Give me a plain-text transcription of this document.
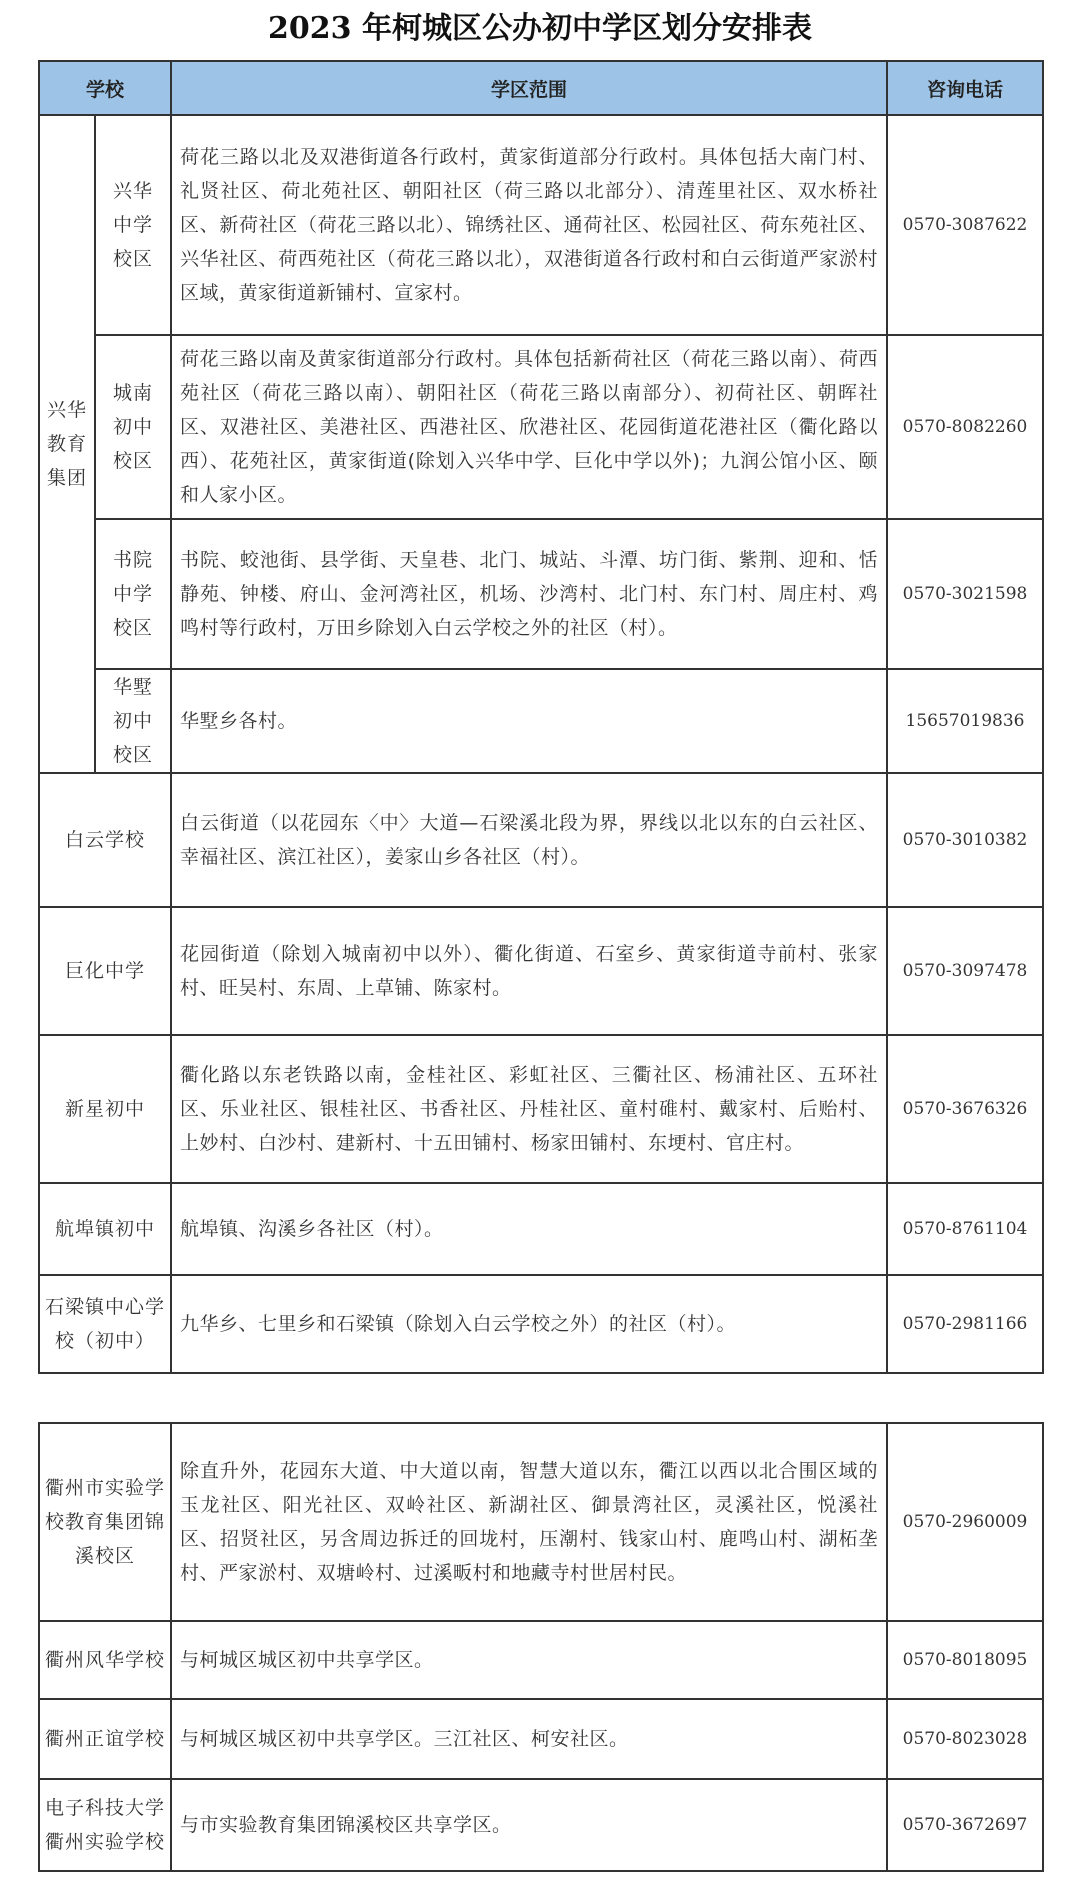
2023 年柯城区公办初中学区划分安排表
学校		学区范围	咨询电话
兴华教育集团	兴华中学校区	荷花三路以北及双港街道各行政村，黄家街道部分行政村。具体包括大南门村、礼贤社区、荷北苑社区、朝阳社区（荷三路以北部分）、清莲里社区、双水桥社区、新荷社区（荷花三路以北）、锦绣社区、通荷社区、松园社区、荷东苑社区、兴华社区、荷西苑社区（荷花三路以北），双港街道各行政村和白云街道严家淤村区域，黄家街道新铺村、宣家村。	0570-3087622
	城南初中校区	荷花三路以南及黄家街道部分行政村。具体包括新荷社区（荷花三路以南）、荷西苑社区（荷花三路以南）、朝阳社区（荷花三路以南部分）、初荷社区、朝晖社区、双港社区、美港社区、西港社区、欣港社区、花园街道花港社区（衢化路以西）、花苑社区，黄家街道(除划入兴华中学、巨化中学以外)；九润公馆小区、颐和人家小区。	0570-8082260
	书院中学校区	书院、蛟池街、县学街、天皇巷、北门、城站、斗潭、坊门街、紫荆、迎和、恬静苑、钟楼、府山、金河湾社区，机场、沙湾村、北门村、东门村、周庄村、鸡鸣村等行政村，万田乡除划入白云学校之外的社区（村）。	0570-3021598
	华墅初中校区	华墅乡各村。	15657019836
白云学校		白云街道（以花园东〈中〉大道—石梁溪北段为界，界线以北以东的白云社区、幸福社区、滨江社区），姜家山乡各社区（村）。	0570-3010382
巨化中学		花园街道（除划入城南初中以外）、衢化街道、石室乡、黄家街道寺前村、张家村、旺吴村、东周、上草铺、陈家村。	0570-3097478
新星初中		衢化路以东老铁路以南，金桂社区、彩虹社区、三衢社区、杨浦社区、五环社区、乐业社区、银桂社区、书香社区、丹桂社区、童村碓村、戴家村、后贻村、上妙村、白沙村、建新村、十五田铺村、杨家田铺村、东埂村、官庄村。	0570-3676326
航埠镇初中		航埠镇、沟溪乡各社区（村）。	0570-8761104
石梁镇中心学校（初中）		九华乡、七里乡和石梁镇（除划入白云学校之外）的社区（村）。	0570-2981166
衢州市实验学校教育集团锦溪校区	除直升外，花园东大道、中大道以南，智慧大道以东，衢江以西以北合围区域的玉龙社区、阳光社区、双岭社区、新湖社区、御景湾社区，灵溪社区，悦溪社区、招贤社区，另含周边拆迁的回垅村，压潮村、钱家山村、鹿鸣山村、湖柘垄村、严家淤村、双塘岭村、过溪畈村和地藏寺村世居村民。	0570-2960009
衢州风华学校	与柯城区城区初中共享学区。	0570-8018095
衢州正谊学校	与柯城区城区初中共享学区。三江社区、柯安社区。	0570-8023028
电子科技大学衢州实验学校	与市实验教育集团锦溪校区共享学区。	0570-3672697
